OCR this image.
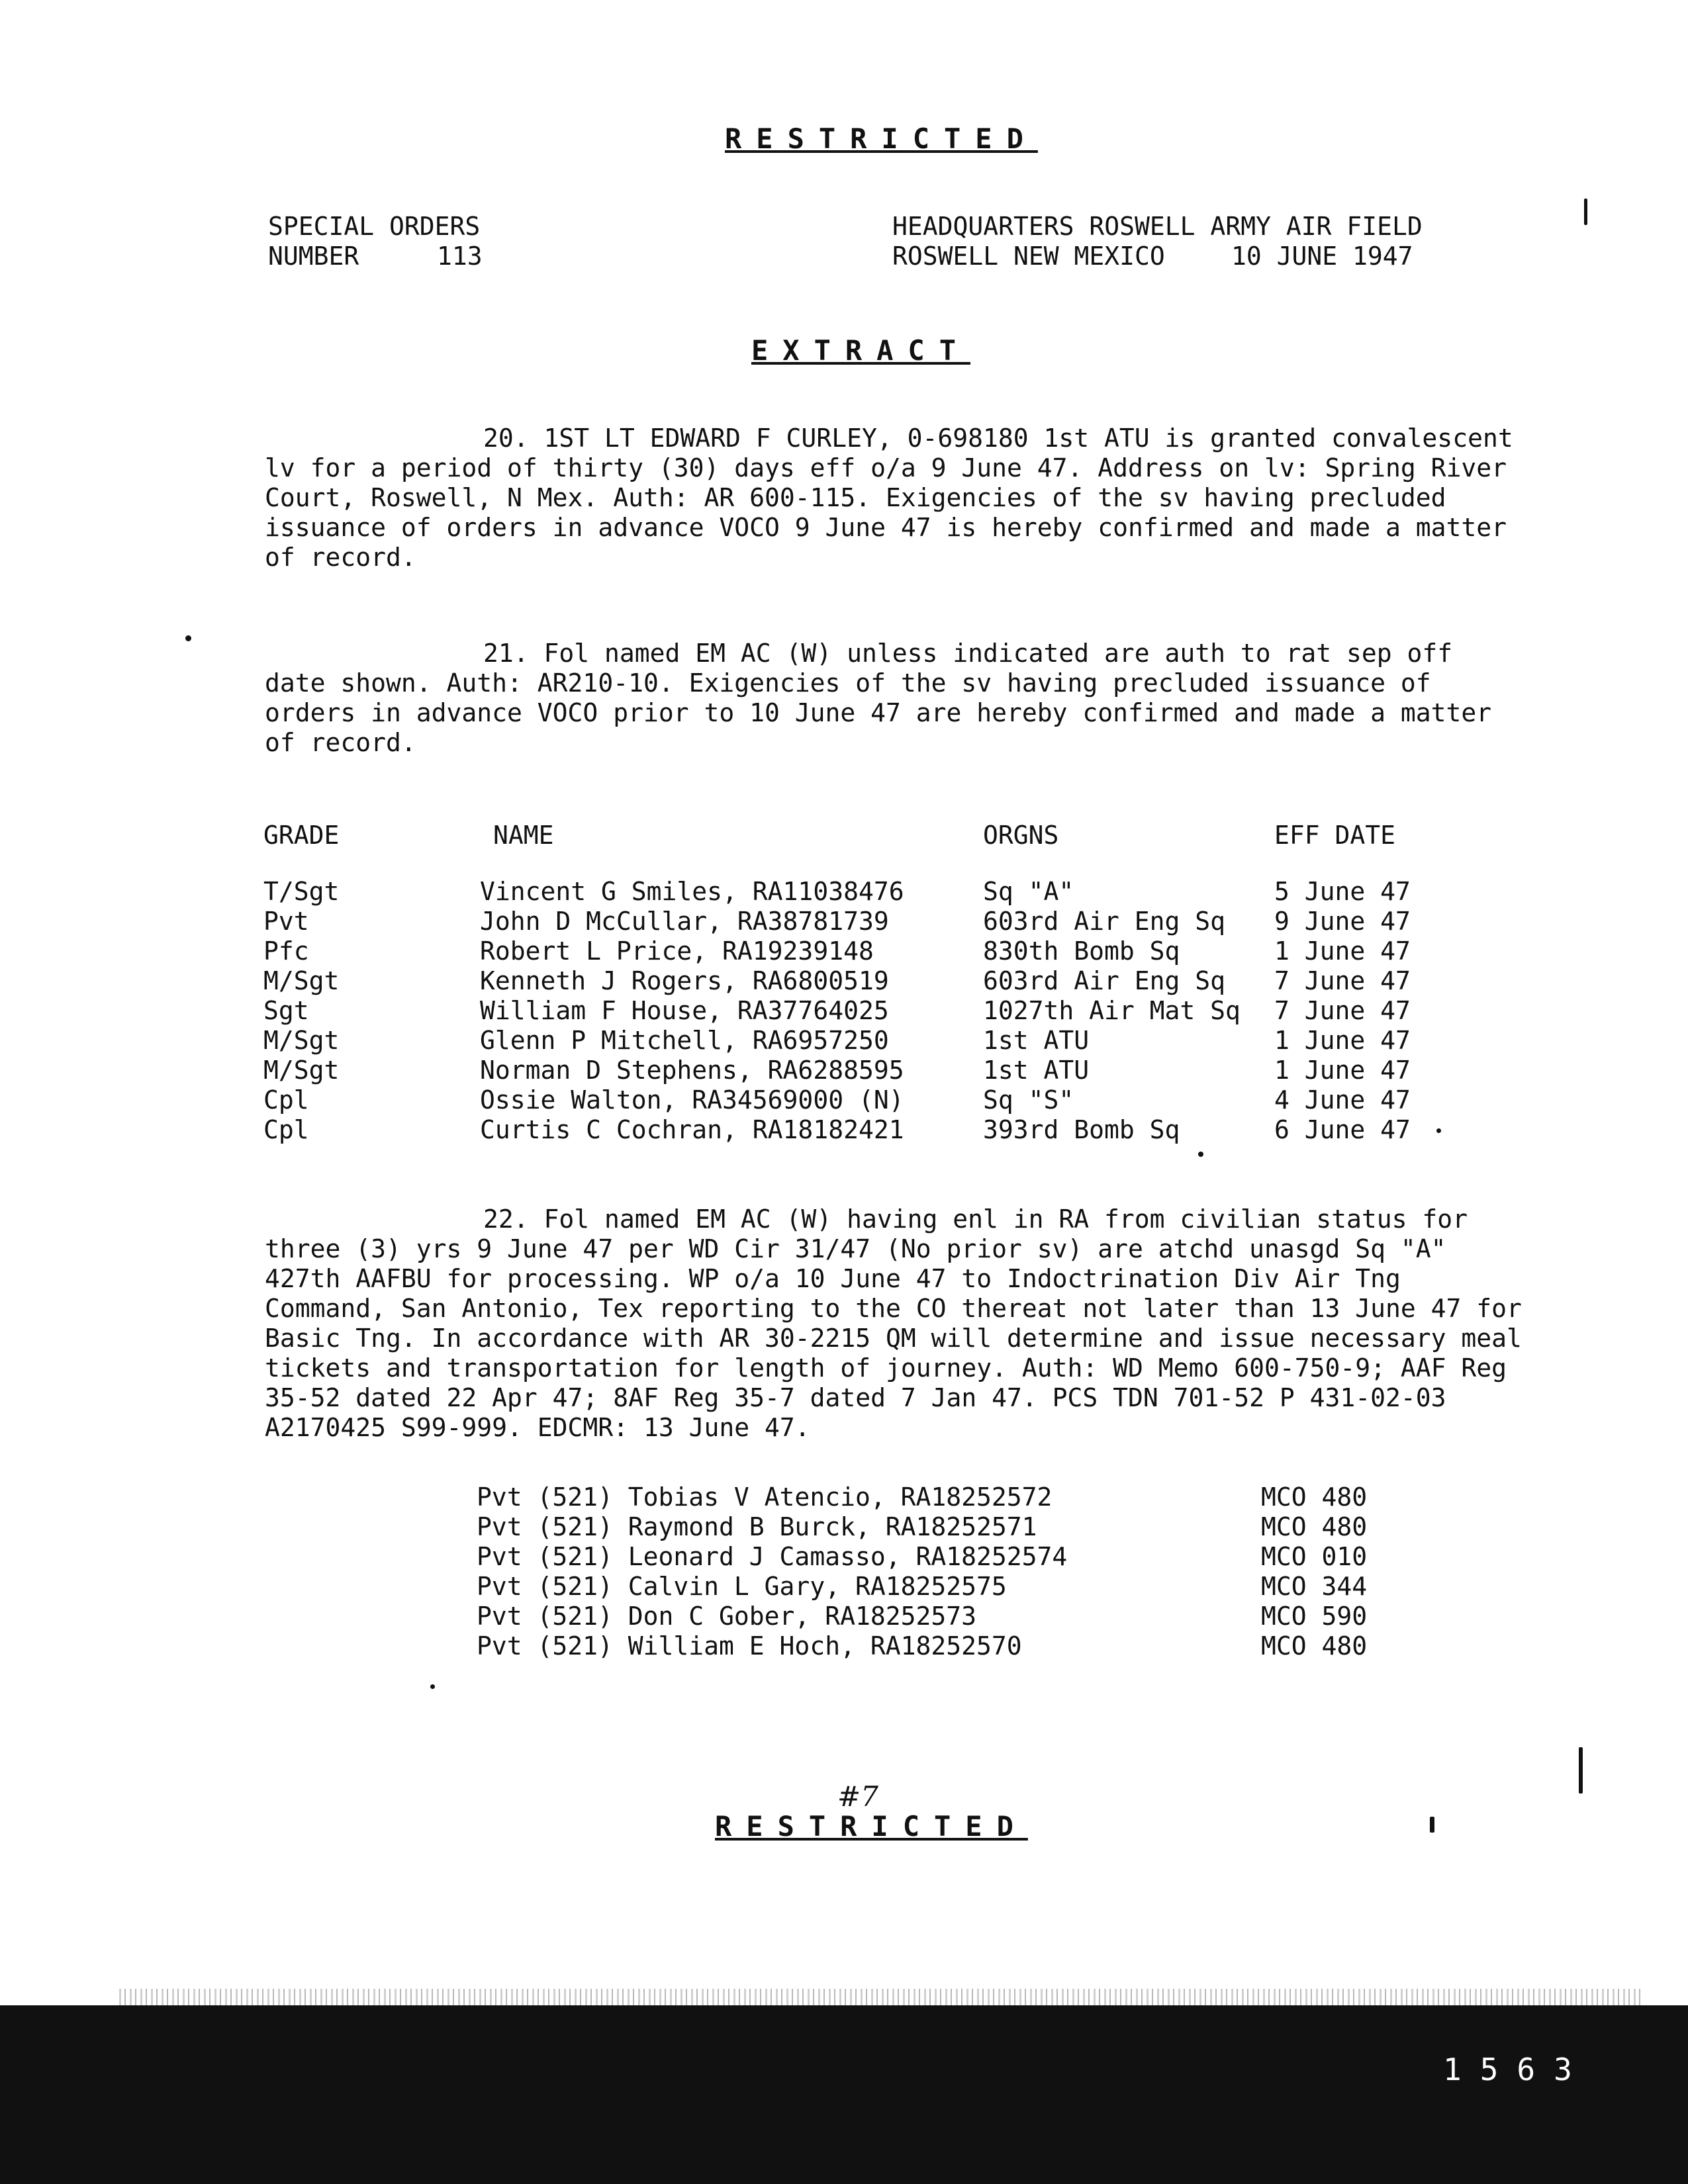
RESTRICTED
SPECIAL ORDERS
NUMBER	113
HEADQUARTERS ROSWELL ARMY AIR FIELD
ROSWELL NEW MEXICO	10 JUNE 1947
EXTRACT
20. 1ST LT EDWARD F CURLEY, 0-698180 1st ATU is granted convalescent lv for a period of thirty (30) days eff o/a 9 June 47. Address on lv: Spring River Court, Roswell, N Mex. Auth: AR 600-115. Exigencies of the sv having precluded issuance of orders in advance VOCO 9 June 47 is hereby confirmed and made a matter of record.
21. Fol named EM AC (W) unless indicated are auth to rat sep off date shown. Auth: AR210-10. Exigencies of the sv having precluded issuance of orders in advance VOCO prior to 10 June 47 are hereby confirmed and made a matter of record.
GRADE	NAME	ORGNS	EFF DATE
T/Sgt	Vincent G Smiles, RA11038476	Sq "A"	5 June 47
Pvt	John D McCullar, RA38781739	603rd Air Eng Sq 9 June 47
Pfc	Robert L Price, RA19239148	830th Bomb Sq	1 June 47
M/Sgt	Kenneth J Rogers, RA6800519	603rd Air Eng Sq 7 June 47
Sgt	William F House, RA37764025	1027th Air Mat Sq 7 June 47
M/Sgt	Glenn P Mitchell, RA6957250	1st ATU	1 June 47
M/Sgt	Norman D Stephens, RA6288595	1st ATU	1 June 47
Cpl	Ossie Walton, RA34569000 (N)	Sq "S"	4 June 47
Cpl	Curtis C Cochran, RA18182421	393rd Bomb Sq	6 June 47
22. Fol named EM AC (W) having enl in RA from civilian status for three (3) yrs 9 June 47 per WD Cir 31/47 (No prior sv) are atchd unasgd Sq "A" 427th AAFBU for processing. WP o/a 10 June 47 to Indoctrination Div Air Tng Command, San Antonio, Tex reporting to the CO thereat not later than 13 June 47 for Basic Tng. In accordance with AR 30-2215 QM will determine and issue necessary meal tickets and transportation for length of journey. Auth: WD Memo 600-750-9; AAF Reg 35-52 dated 22 Apr 47; 8AF Reg 35-7 dated 7 Jan 47. PCS TDN 701-52 P 431-02-03 A2170425 S99-999. EDCMR: 13 June 47.
Pvt (521) Tobias V Atencio, RA18252572	MCO 480
Pvt (521) Raymond B Burck, RA18252571	MCO 480
Pvt (521) Leonard J Camasso, RA18252574	MCO 010
Pvt (521) Calvin L Gary, RA18252575	MCO 344
Pvt (521) Don C Gober, RA18252573	MCO 590
Pvt (521) William E Hoch, RA18252570	MCO 480
#7
RESTRICTED
1563
